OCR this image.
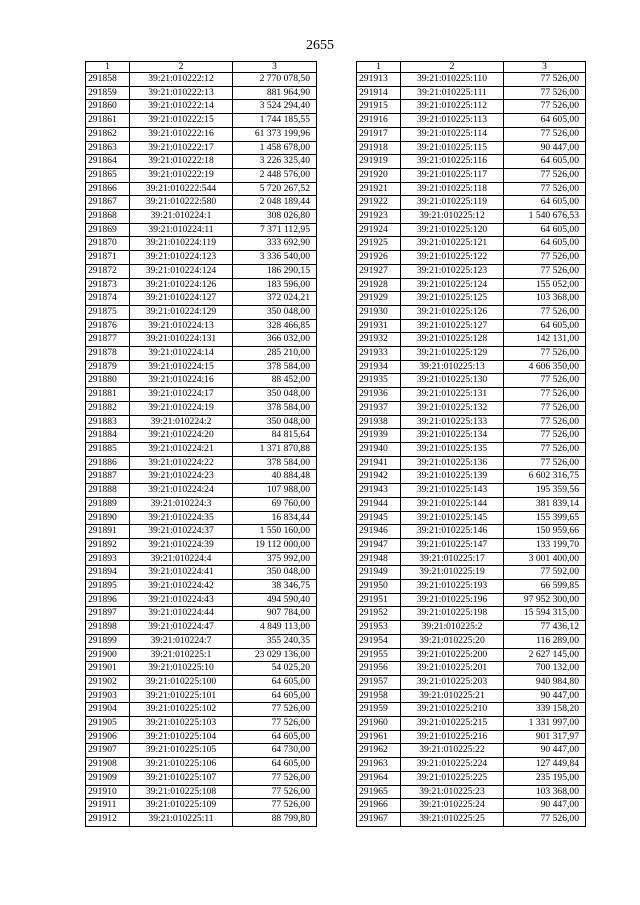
2655
1	2	3
291858	39:21:010222:12	2 770 078,50
291859	39:21:010222:13	881 964,90
291860	39:21:010222:14	3 524 294,40
291861	39:21:010222:15	1 744 185,55
291862	39:21:010222:16	61 373 199,96
291863	39:21:010222:17	1 458 678,00
291864	39:21:010222:18	3 226 325,40
291865	39:21:010222:19	2 448 576,00
291866	39:21:010222:544	5 720 267,52
291867	39:21:010222:580	2 048 189,44
291868	39:21:010224:1	308 026,80
291869	39:21:010224:11	7 371 112,95
291870	39:21:010224:119	333 692,90
291871	39:21:010224:123	3 336 540,00
291872	39:21:010224:124	186 290,15
291873	39:21:010224:126	183 596,00
291874	39:21:010224:127	372 024,21
291875	39:21:010224:129	350 048,00
291876	39:21:010224:13	328 466,85
291877	39:21:010224:131	366 032,00
291878	39:21:010224:14	285 210,00
291879	39:21:010224:15	378 584,00
291880	39:21:010224:16	88 452,00
291881	39:21:010224:17	350 048,00
291882	39:21:010224:19	378 584,00
291883	39:21:010224:2	350 048,00
291884	39:21:010224:20	84 815,64
291885	39:21:010224:21	1 371 870,88
291886	39:21:010224:22	378 584,00
291887	39:21:010224:23	40 884,48
291888	39:21:010224:24	107 988,00
291889	39:21:010224:3	69 760,00
291890	39:21:010224:35	16 834,44
291891	39:21:010224:37	1 550 160,00
291892	39:21:010224:39	19 112 000,00
291893	39:21:010224:4	375 992,00
291894	39:21:010224:41	350 048,00
291895	39:21:010224:42	38 346,75
291896	39:21:010224:43	494 590,40
291897	39:21:010224:44	907 784,00
291898	39:21:010224:47	4 849 113,00
291899	39:21:010224:7	355 240,35
291900	39:21:010225:1	23 029 136,00
291901	39:21:010225:10	54 025,20
291902	39:21:010225:100	64 605,00
291903	39:21:010225:101	64 605,00
291904	39:21:010225:102	77 526,00
291905	39:21:010225:103	77 526,00
291906	39:21:010225:104	64 605,00
291907	39:21:010225:105	64 730,00
291908	39:21:010225:106	64 605,00
291909	39:21:010225:107	77 526,00
291910	39:21:010225:108	77 526,00
291911	39:21:010225:109	77 526,00
291912	39:21:010225:11	88 799,80
1	2	3
291913	39:21:010225:110	77 526,00
291914	39:21:010225:111	77 526,00
291915	39:21:010225:112	77 526,00
291916	39:21:010225:113	64 605,00
291917	39:21:010225:114	77 526,00
291918	39:21:010225:115	90 447,00
291919	39:21:010225:116	64 605,00
291920	39:21:010225:117	77 526,00
291921	39:21:010225:118	77 526,00
291922	39:21:010225:119	64 605,00
291923	39:21:010225:12	1 540 676,53
291924	39:21:010225:120	64 605,00
291925	39:21:010225:121	64 605,00
291926	39:21:010225:122	77 526,00
291927	39:21:010225:123	77 526,00
291928	39:21:010225:124	155 052,00
291929	39:21:010225:125	103 368,00
291930	39:21:010225:126	77 526,00
291931	39:21:010225:127	64 605,00
291932	39:21:010225:128	142 131,00
291933	39:21:010225:129	77 526,00
291934	39:21:010225:13	4 606 350,00
291935	39:21:010225:130	77 526,00
291936	39:21:010225:131	77 526,00
291937	39:21:010225:132	77 526,00
291938	39:21:010225:133	77 526,00
291939	39:21:010225:134	77 526,00
291940	39:21:010225:135	77 526,00
291941	39:21:010225:136	77 526,00
291942	39:21:010225:139	6 602 316,75
291943	39:21:010225:143	195 359,56
291944	39:21:010225:144	381 839,14
291945	39:21:010225:145	155 399,65
291946	39:21:010225:146	150 959,66
291947	39:21:010225:147	133 199,70
291948	39:21:010225:17	3 001 400,00
291949	39:21:010225:19	77 592,00
291950	39:21:010225:193	66 599,85
291951	39:21:010225:196	97 952 300,00
291952	39:21:010225:198	15 594 315,00
291953	39:21:010225:2	77 436,12
291954	39:21:010225:20	116 289,00
291955	39:21:010225:200	2 627 145,00
291956	39:21:010225:201	700 132,00
291957	39:21:010225:203	940 984,80
291958	39:21:010225:21	90 447,00
291959	39:21:010225:210	339 158,20
291960	39:21:010225:215	1 331 997,00
291961	39:21:010225:216	901 317,97
291962	39:21:010225:22	90 447,00
291963	39:21:010225:224	127 449,84
291964	39:21:010225:225	235 195,00
291965	39:21:010225:23	103 368,00
291966	39:21:010225:24	90 447,00
291967	39:21:010225:25	77 526,00
